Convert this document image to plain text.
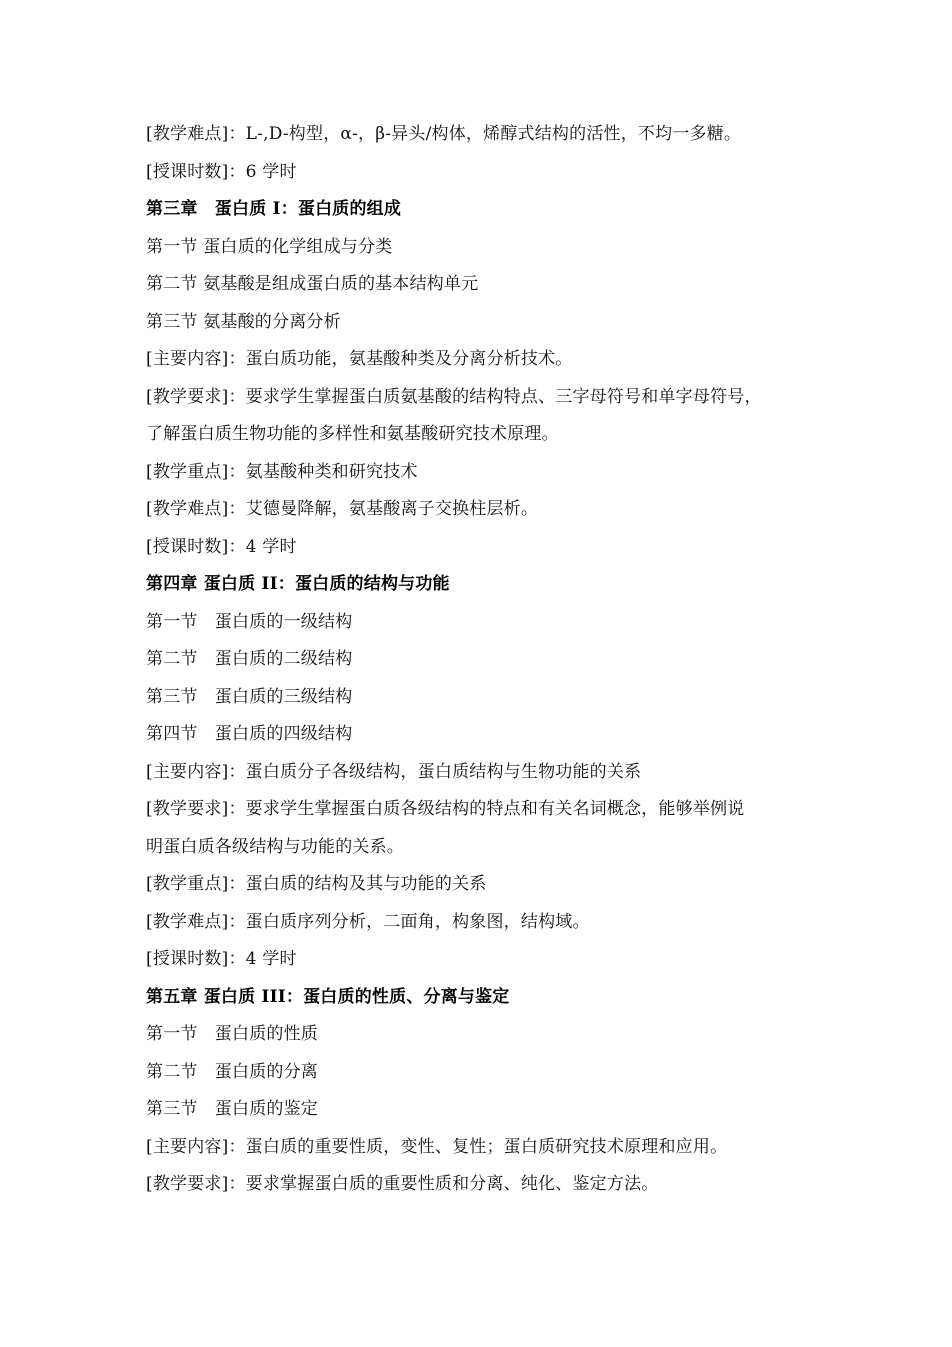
[教学难点]：L-,D-构型，α-，β-异头/构体，烯醇式结构的活性，不均一多糖。
[授课时数]：6 学时
第三章　蛋白质 I：蛋白质的组成
第一节 蛋白质的化学组成与分类
第二节 氨基酸是组成蛋白质的基本结构单元
第三节 氨基酸的分离分析
[主要内容]：蛋白质功能，氨基酸种类及分离分析技术。
[教学要求]：要求学生掌握蛋白质氨基酸的结构特点、三字母符号和单字母符号，
了解蛋白质生物功能的多样性和氨基酸研究技术原理。
[教学重点]：氨基酸种类和研究技术
[教学难点]：艾德曼降解，氨基酸离子交换柱层析。
[授课时数]：4 学时
第四章 蛋白质 II：蛋白质的结构与功能
第一节　蛋白质的一级结构
第二节　蛋白质的二级结构
第三节　蛋白质的三级结构
第四节　蛋白质的四级结构
[主要内容]：蛋白质分子各级结构，蛋白质结构与生物功能的关系
[教学要求]：要求学生掌握蛋白质各级结构的特点和有关名词概念，能够举例说
明蛋白质各级结构与功能的关系。
[教学重点]：蛋白质的结构及其与功能的关系
[教学难点]：蛋白质序列分析，二面角，构象图，结构域。
[授课时数]：4 学时
第五章 蛋白质 III：蛋白质的性质、分离与鉴定
第一节　蛋白质的性质
第二节　蛋白质的分离
第三节　蛋白质的鉴定
[主要内容]：蛋白质的重要性质，变性、复性；蛋白质研究技术原理和应用。
[教学要求]：要求掌握蛋白质的重要性质和分离、纯化、鉴定方法。
